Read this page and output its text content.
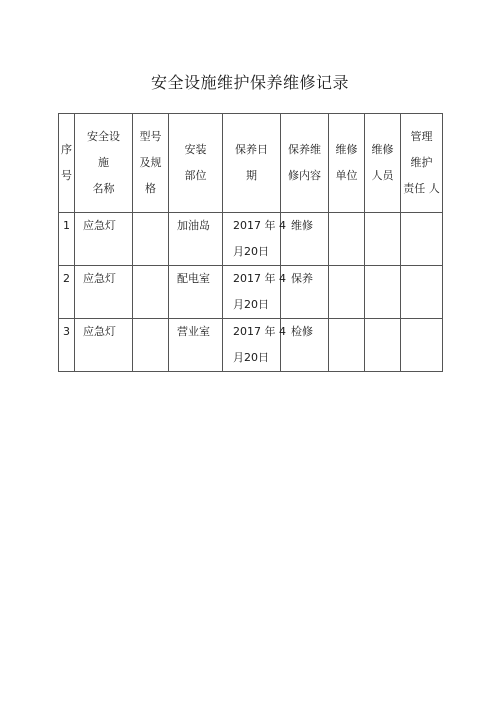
安全设施维护保养维修记录
序
号	安全设
施
名称	型号
及规
格	安装
部位	保养日
期	保养维
修内容	维修
单位	维修
人员	管理
维护
责任 人

1	应急灯		加油岛	2017 年 4
月20日	维修			
2	应急灯		配电室	2017 年 4
月20日	保养			
3	应急灯		营业室	2017 年 4
月20日	检修			
